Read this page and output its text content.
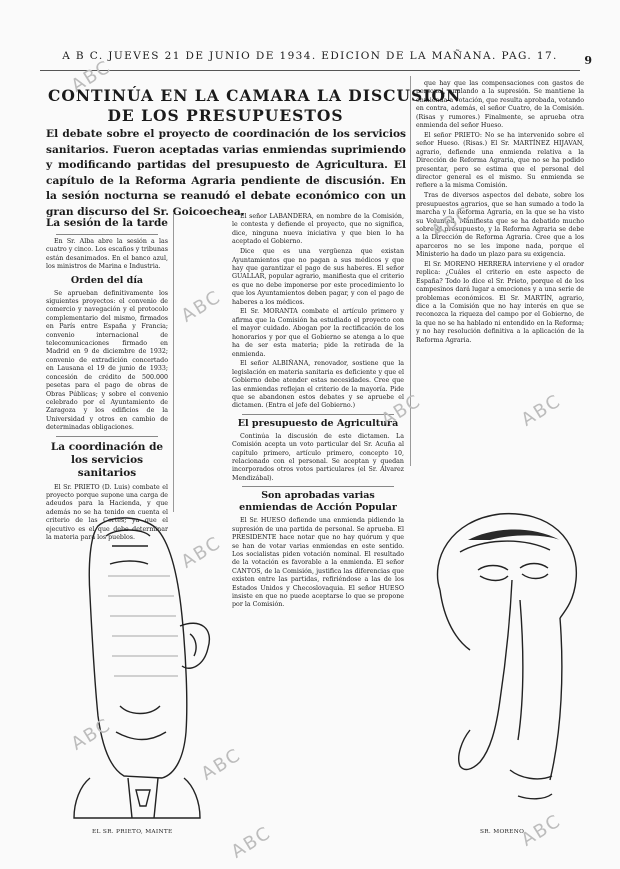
A B C. JUEVES 21 DE JUNIO DE 1934. EDICION DE LA MAÑANA. PAG. 17.	9
CONTINÚA EN LA CAMARA LA DISCUSION
DE LOS PRESUPUESTOS
El debate sobre el proyecto de coordinación de los servicios sanitarios. Fueron aceptadas varias enmiendas suprimiendo y modificando partidas del presupuesto de Agricultura. El capítulo de la Reforma Agraria pendiente de discusión. En la sesión nocturna se reanudó el debate económico con un gran discurso del Sr. Goicoechea.
La sesión de la tarde

En Sr. Alba abre la sesión a las cuatro y cinco. Los escaños y tribunas están desanimados. En el banco azul, los ministros de Marina e Industria.

Orden del día

Se aprueban definitivamente los siguientes proyectos: el convenio de comercio y navegación y el protocolo complementario del mismo, firmados en París entre España y Francia; convenio internacional de telecomunicaciones firmado en Madrid en 9 de diciembre de 1932; convenio de extradición concertado en Lausana el 19 de junio de 1933; concesión de crédito de 500.000 pesetas para el pago de obras de Obras Públicas; y sobre el convenio celebrado por el Ayuntamiento de Zaragoza y los edificios de la Universidad y otros en cambio de determinadas obligaciones.

La coordinación de los servicios sanitarios

El Sr. PRIETO (D. Luis) combate el proyecto porque supone una carga de adeudos para la Hacienda, y que además no se ha tenido en cuenta el criterio de las Cortes; ya que el ejecutivo es el que debe determinar la materia para los pueblos.

El señor LABANDERA, en nombre de la Comisión, le contesta y defiende el proyecto, que no significa, dice, ninguna nueva iniciativa y que bien lo ha aceptado el Gobierno.

Dice que es una vergüenza que existan Ayuntamientos que no pagan a sus médicos y que hay que garantizar el pago de sus haberes. El señor GUALLAR, popular agrario, manifiesta que el criterio es que no debe imponerse por este procedimiento lo que los Ayuntamientos deben pagar, y con el pago de haberes a los médicos.

El Sr. MORANTA combate el artículo primero y afirma que la Comisión ha estudiado el proyecto con el mayor cuidado. Abogan por la rectificación de los honorarios y por que el Gobierno se atenga a lo que ha de ser esta materia; pide la retirada de la enmienda.

El señor ALBIÑANA, renovador, sostiene que la legislación en materia sanitaria es deficiente y que el Gobierno debe atender estas necesidades. Cree que las enmiendas reflejan el criterio de la mayoría. Pide que se abandonen estos debates y se apruebe el dictamen. (Entra el jefe del Gobierno.)

El presupuesto de Agricultura

Continúa la discusión de este dictamen. La Comisión acepta un voto particular del Sr. Acuña al capítulo primero, artículo primero, concepto 10, relacionado con el personal. Se aceptan y quedan incorporados otros votos particulares (el Sr. Álvarez Mendizábal).

Son aprobadas varias enmiendas de Acción Popular

El Sr. HUESO defiende una enmienda pidiendo la supresión de una partida de personal. Se aprueba. El PRESIDENTE hace notar que no hay quórum y que se han de votar varias enmiendas en este sentido. Los socialistas piden votación nominal. El resultado de la votación es favorable a la enmienda. El señor CANTOS, de la Comisión, justifica las diferencias que existen entre las partidas, refiriéndose a las de los Estados Unidos y Checoslovaquia. El señor HUESO insiste en que no puede aceptarse lo que se propone por la Comisión.

que hay que las compensaciones con gastos de personal, anulando a la supresión. Se mantiene la enmienda a votación, que resulta aprobada, votando en contra, además, el señor Cuatro, de la Comisión. (Risas y rumores.) Finalmente, se aprueba otra enmienda del señor Hueso.

El señor PRIETO: No se ha intervenido sobre el señor Hueso. (Risas.) El Sr. MARTÍNEZ HIJAVAN, agrario, defiende una enmienda relativa a la Dirección de Reforma Agraria, que no se ha podido presentar, pero se estima que el personal del director general es el mismo. Su enmienda se refiere a la misma Comisión.

Tras de diversos aspectos del debate, sobre los presupuestos agrarios, que se han sumado a todo la marcha y la Reforma Agraria, en la que se ha visto su Voluntad. Manifiesta que se ha debatido mucho sobre el presupuesto, y la Reforma Agraria se debe a la Dirección de Reforma Agraria. Cree que a los aparceros no se les impone nada, porque el Ministerio ha dado un plazo para su exigencia.

El Sr. MORENO HERRERA interviene y el orador replica: ¿Cuáles el criterio en este aspecto de España? Todo lo dice el Sr. Prieto, porque el de los campesinos dará lugar a emociones y a una serie de problemas económicos. El Sr. MARTÍN, agrario, dice a la Comisión que no hay interés en que se reconozca la riqueza del campo por el Gobierno, de la que no se ha hablado ni entendido en la Reforma; y no hay resolución definitiva a la aplicación de la Reforma Agraria.

EL SR. PRIETO, MAINTE	SR. MORENO
ABC
ABC
ABC
ABC
ABC
ABC
ABC
ABC
ABC
ABC
